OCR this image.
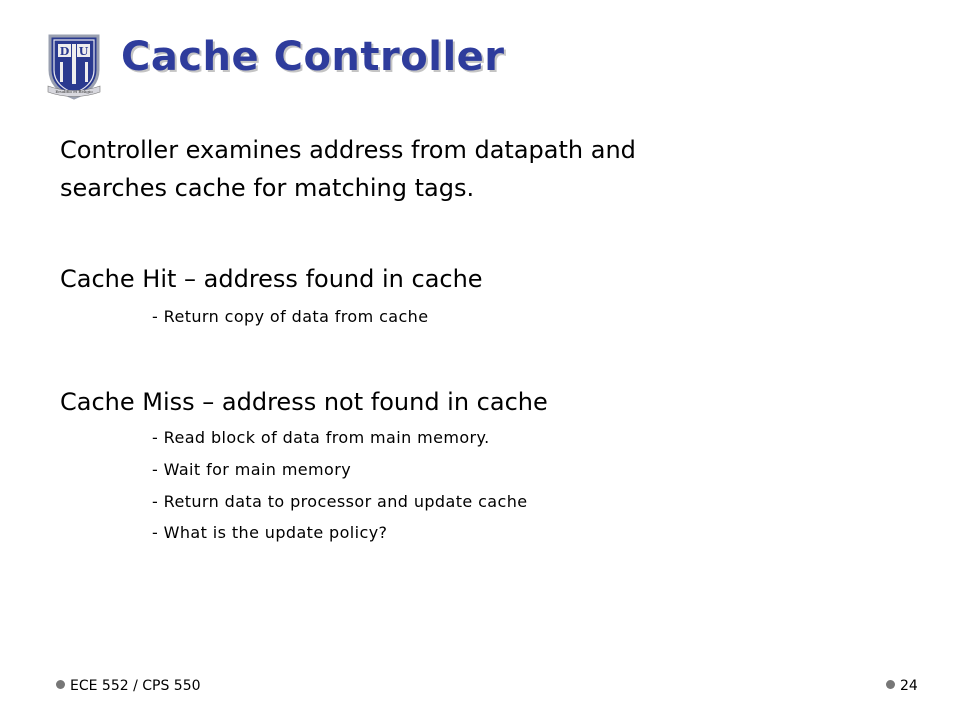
D U
Eruditio et Religio
Cache Controller
Controller examines address from datapath and
searches cache for matching tags.
Cache Hit – address found in cache
- Return copy of data from cache
Cache Miss – address not found in cache
- Read block of data from main memory.
- Wait for main memory
- Return data to processor and update cache
- What is the update policy?
ECE 552 / CPS 550	24
